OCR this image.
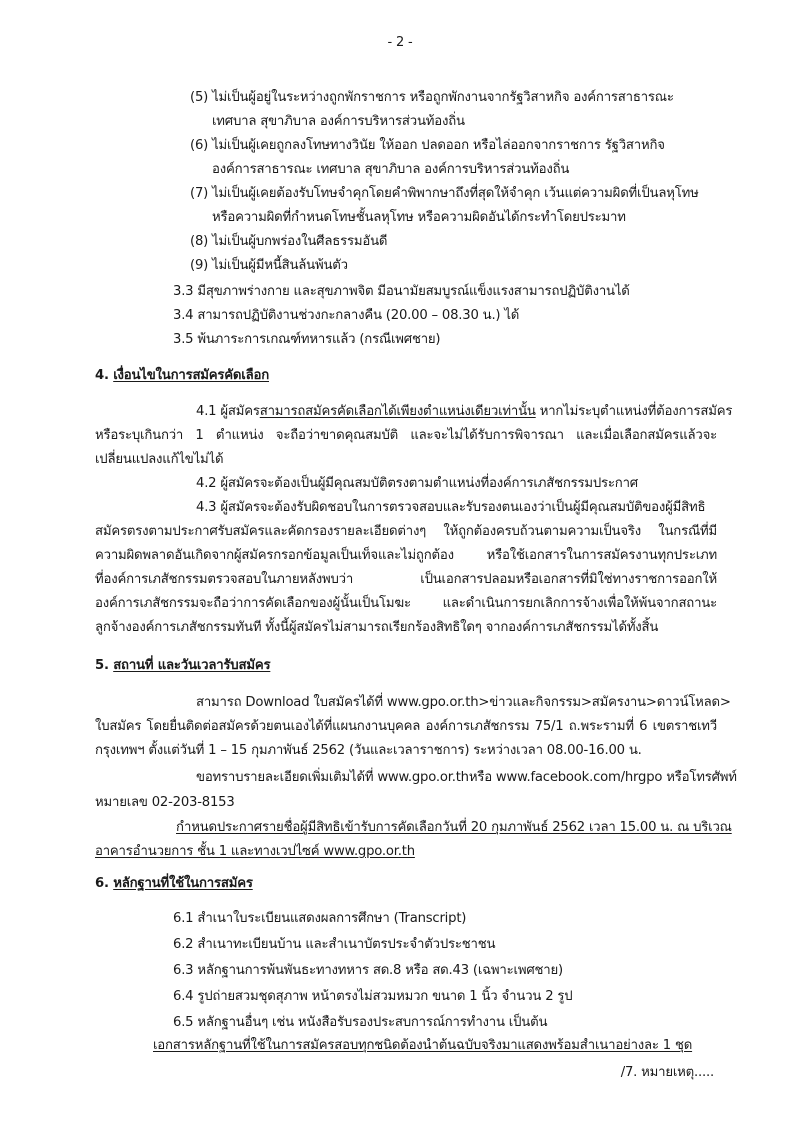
- 2 -
(5) ไม่เป็นผู้อยู่ในระหว่างถูกพักราชการ หรือถูกพักงานจากรัฐวิสาหกิจ องค์การสาธารณะ
เทศบาล สุขาภิบาล องค์การบริหารส่วนท้องถิ่น
(6) ไม่เป็นผู้เคยถูกลงโทษทางวินัย ให้ออก ปลดออก หรือไล่ออกจากราชการ รัฐวิสาหกิจ
องค์การสาธารณะ เทศบาล สุขาภิบาล องค์การบริหารส่วนท้องถิ่น
(7) ไม่เป็นผู้เคยต้องรับโทษจำคุกโดยคำพิพากษาถึงที่สุดให้จำคุก เว้นแต่ความผิดที่เป็นลหุโทษ
หรือความผิดที่กำหนดโทษชั้นลหุโทษ หรือความผิดอันได้กระทำโดยประมาท
(8) ไม่เป็นผู้บกพร่องในศีลธรรมอันดี
(9) ไม่เป็นผู้มีหนี้สินล้นพ้นตัว
3.3 มีสุขภาพร่างกาย และสุขภาพจิต มีอนามัยสมบูรณ์แข็งแรงสามารถปฏิบัติงานได้
3.4 สามารถปฏิบัติงานช่วงกะกลางคืน (20.00 – 08.30 น.) ได้
3.5 พ้นภาระการเกณฑ์ทหารแล้ว (กรณีเพศชาย)
4. เงื่อนไขในการสมัครคัดเลือก
4.1 ผู้สมัครสามารถสมัครคัดเลือกได้เพียงตำแหน่งเดียวเท่านั้น หากไม่ระบุตำแหน่งที่ต้องการสมัคร
หรือระบุเกินกว่า 1 ตำแหน่ง จะถือว่าขาดคุณสมบัติ และจะไม่ได้รับการพิจารณา และเมื่อเลือกสมัครแล้วจะ
เปลี่ยนแปลงแก้ไขไม่ได้
4.2 ผู้สมัครจะต้องเป็นผู้มีคุณสมบัติตรงตามตำแหน่งที่องค์การเภสัชกรรมประกาศ
4.3 ผู้สมัครจะต้องรับผิดชอบในการตรวจสอบและรับรองตนเองว่าเป็นผู้มีคุณสมบัติของผู้มีสิทธิ
สมัครตรงตามประกาศรับสมัครและคัดกรองรายละเอียดต่างๆ ให้ถูกต้องครบถ้วนตามความเป็นจริง ในกรณีที่มี
ความผิดพลาดอันเกิดจากผู้สมัครกรอกข้อมูลเป็นเท็จและไม่ถูกต้อง หรือใช้เอกสารในการสมัครงานทุกประเภท
ที่องค์การเภสัชกรรมตรวจสอบในภายหลังพบว่า เป็นเอกสารปลอมหรือเอกสารที่มิใช่ทางราชการออกให้
องค์การเภสัชกรรมจะถือว่าการคัดเลือกของผู้นั้นเป็นโมฆะ และดำเนินการยกเลิกการจ้างเพื่อให้พ้นจากสถานะ
ลูกจ้างองค์การเภสัชกรรมทันที ทั้งนี้ผู้สมัครไม่สามารถเรียกร้องสิทธิใดๆ จากองค์การเภสัชกรรมได้ทั้งสิ้น
5. สถานที่ และวันเวลารับสมัคร
สามารถ Download ใบสมัครได้ที่ www.gpo.or.th>ข่าวและกิจกรรม>สมัครงาน>ดาวน์โหลด>
ใบสมัคร โดยยื่นติดต่อสมัครด้วยตนเองได้ที่แผนกงานบุคคล องค์การเภสัชกรรม 75/1 ถ.พระรามที่ 6 เขตราชเทวี
กรุงเทพฯ ตั้งแต่วันที่ 1 – 15 กุมภาพันธ์ 2562 (วันและเวลาราชการ) ระหว่างเวลา 08.00-16.00 น.
ขอทราบรายละเอียดเพิ่มเติมได้ที่ www.gpo.or.thหรือ www.facebook.com/hrgpo หรือโทรศัพท์
หมายเลข 02-203-8153
กำหนดประกาศรายชื่อผู้มีสิทธิเข้ารับการคัดเลือกวันที่ 20 กุมภาพันธ์ 2562 เวลา 15.00 น. ณ บริเวณ
อาคารอำนวยการ ชั้น 1 และทางเวปไซค์ www.gpo.or.th
6. หลักฐานที่ใช้ในการสมัคร
6.1 สำเนาใบระเบียนแสดงผลการศึกษา (Transcript)
6.2 สำเนาทะเบียนบ้าน และสำเนาบัตรประจำตัวประชาชน
6.3 หลักฐานการพ้นพันธะทางทหาร สด.8 หรือ สด.43 (เฉพาะเพศชาย)
6.4 รูปถ่ายสวมชุดสุภาพ หน้าตรงไม่สวมหมวก ขนาด 1 นิ้ว จำนวน 2 รูป
6.5 หลักฐานอื่นๆ เช่น หนังสือรับรองประสบการณ์การทำงาน เป็นต้น
เอกสารหลักฐานที่ใช้ในการสมัครสอบทุกชนิดต้องนำต้นฉบับจริงมาแสดงพร้อมสำเนาอย่างละ 1 ชุด
/7. หมายเหตุ.....
